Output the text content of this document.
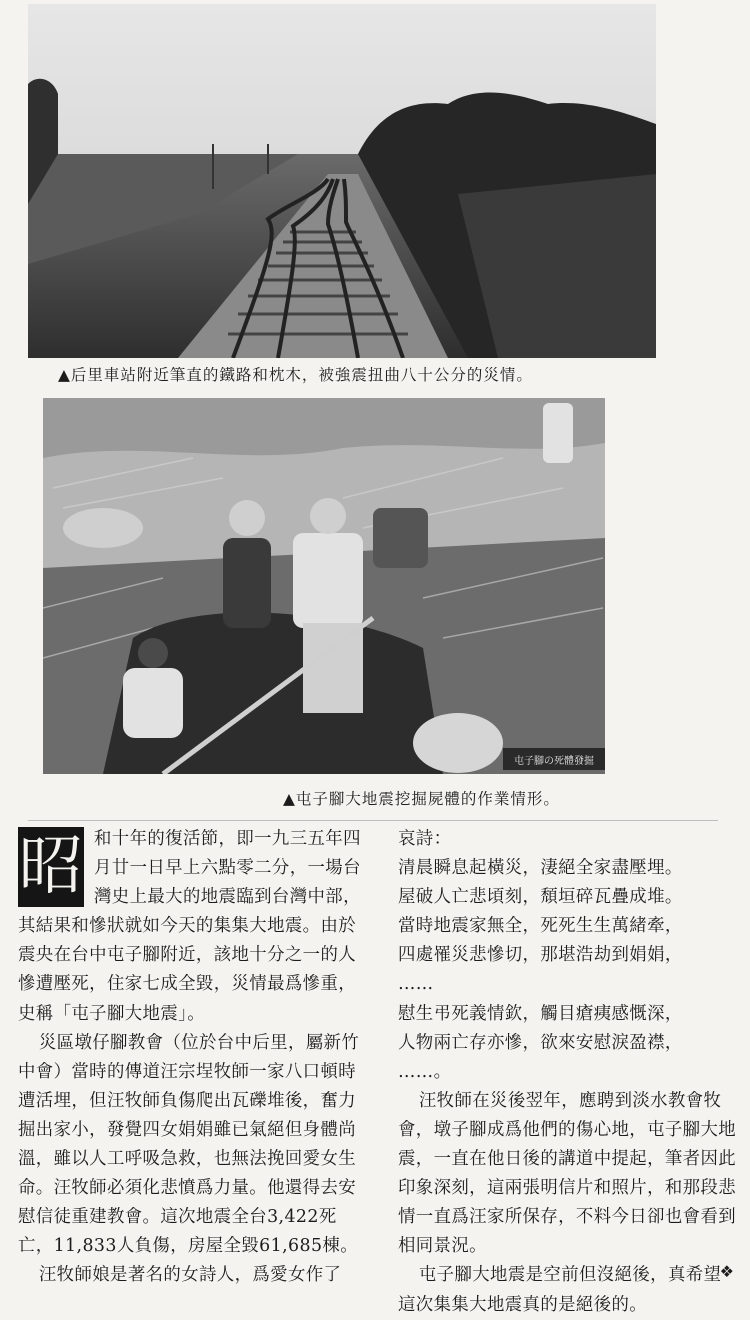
▲后里車站附近筆直的鐵路和枕木，被強震扭曲八十公分的災情。
屯子腳の死體發掘
▲屯子腳大地震挖掘屍體的作業情形。

昭 和十年的復活節，即一九三五年四月廿一日早上六點零二分，一場台灣史上最大的地震臨到台灣中部，其結果和慘狀就如今天的集集大地震。由於震央在台中屯子腳附近，該地十分之一的人慘遭壓死，住家七成全毀，災情最爲慘重，史稱「屯子腳大地震」。

災區墩仔腳教會（位於台中后里，屬新竹中會）當時的傳道汪宗埕牧師一家八口頓時遭活埋，但汪牧師負傷爬出瓦礫堆後，奮力掘出家小，發覺四女娟娟雖已氣絕但身體尚溫，雖以人工呼吸急救，也無法挽回愛女生命。汪牧師必須化悲憤爲力量。他還得去安慰信徒重建教會。這次地震全台3,422死亡，11,833人負傷，房屋全毀61,685棟。

汪牧師娘是著名的女詩人，爲愛女作了

哀詩：

清晨瞬息起橫災，淒絕全家盡壓埋。
屋破人亡悲頃刻，頹垣碎瓦疊成堆。
當時地震家無全，死死生生萬緒牽，
四處罹災悲慘切，那堪浩劫到娟娟，
……
慰生弔死義情欽，觸目瘡痍感慨深，
人物兩亡存亦慘，欲來安慰淚盈襟，
……。

汪牧師在災後翌年，應聘到淡水教會牧會，墩子腳成爲他們的傷心地，屯子腳大地震，一直在他日後的講道中提起，筆者因此印象深刻，這兩張明信片和照片，和那段悲情一直爲汪家所保存，不料今日卻也會看到相同景況。

屯子腳大地震是空前但沒絕後，真希望這次集集大地震真的是絕後的。

❖
